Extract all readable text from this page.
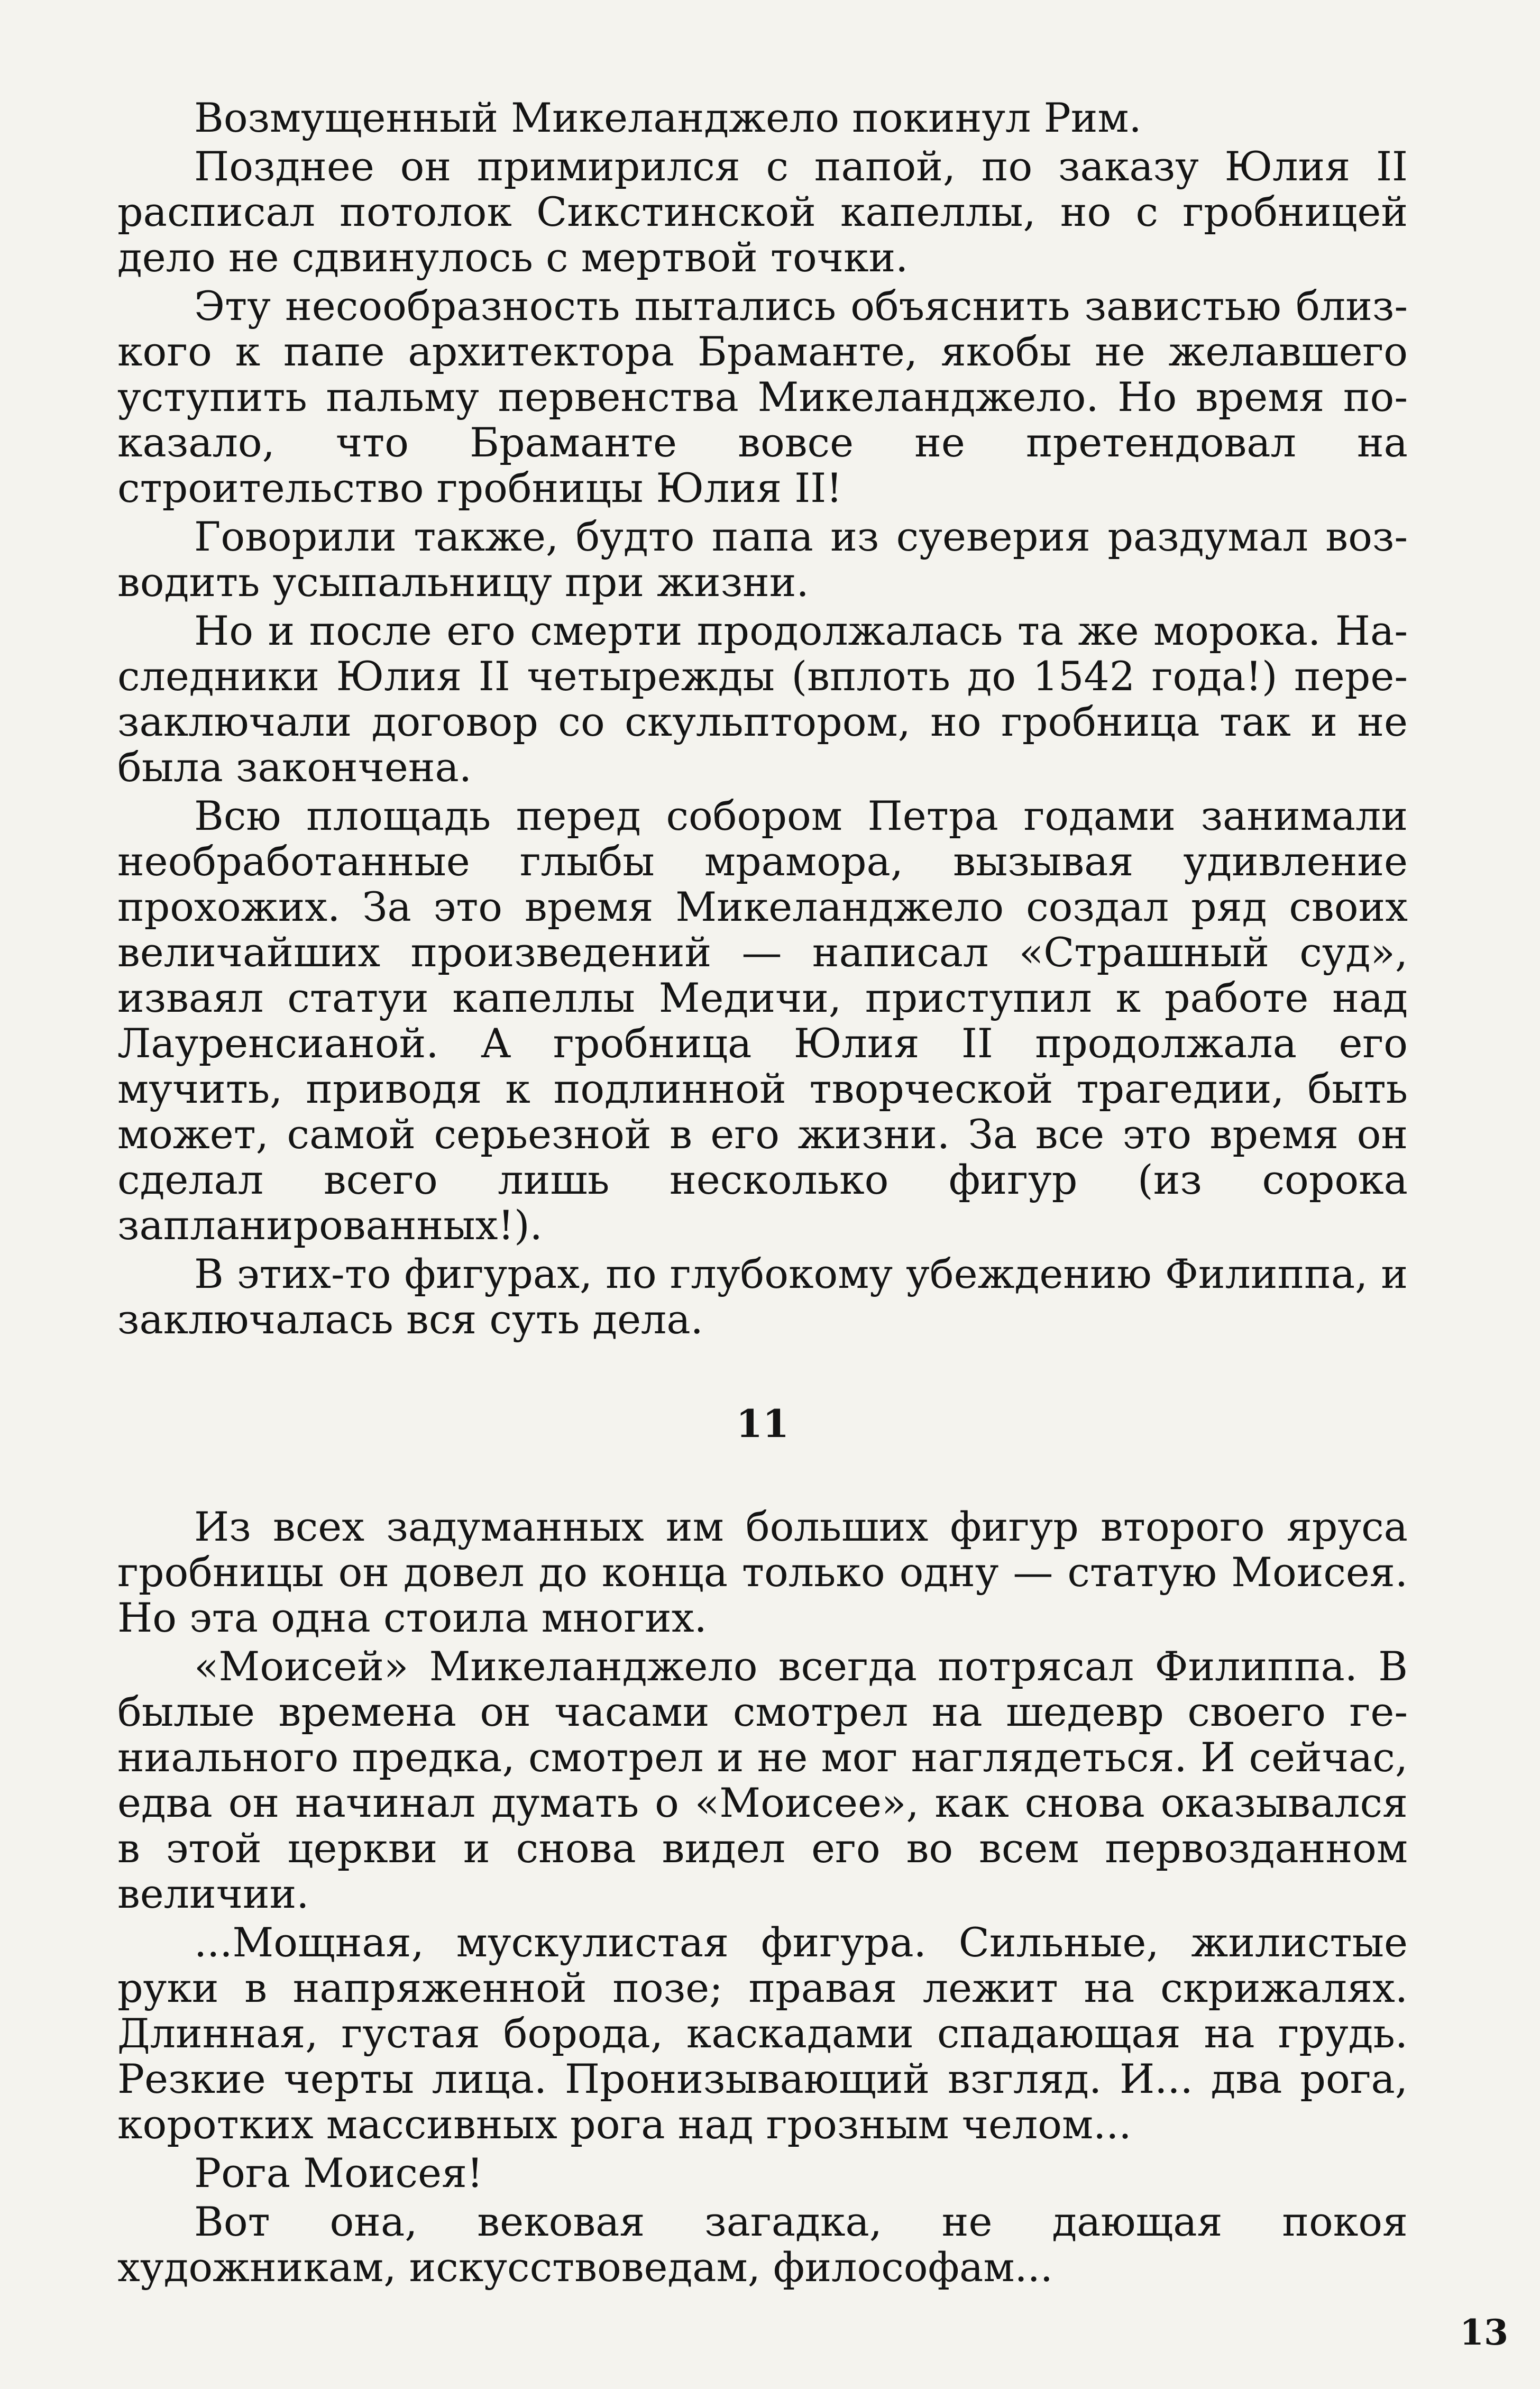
Возмущенный Микеланджело покинул Рим.

Позднее он примирился с папой, по заказу Юлия II расписал потолок Сикстинской капеллы, но с гробницей дело не сдвинулось с мертвой точки.

Эту несообразность пытались объяснить завистью близкого к папе архитектора Браманте, якобы не желавшего уступить пальму первенства Микеланджело. Но время показало, что Браманте вовсе не претендовал на строительство гробницы Юлия II!

Говорили также, будто папа из суеверия раздумал возводить усыпальницу при жизни.

Но и после его смерти продолжалась та же морока. Наследники Юлия II четырежды (вплоть до 1542 года!) перезаключали договор со скульптором, но гробница так и не была закончена.

Всю площадь перед собором Петра годами занимали необработанные глыбы мрамора, вызывая удивление прохожих. За это время Микеланджело создал ряд своих величайших произведений — написал «Страшный суд», изваял статуи капеллы Медичи, приступил к работе над Лауренсианой. А гробница Юлия II продолжала его мучить, приводя к подлинной творческой трагедии, быть может, самой серьезной в его жизни. За все это время он сделал всего лишь несколько фигур (из сорока запланированных!).

В этих-то фигурах, по глубокому убеждению Филиппа, и заключалась вся суть дела.

11

Из всех задуманных им больших фигур второго яруса гробницы он довел до конца только одну — статую Моисея. Но эта одна стоила многих.

«Моисей» Микеланджело всегда потрясал Филиппа. В былые времена он часами смотрел на шедевр своего гениального предка, смотрел и не мог наглядеться. И сейчас, едва он начинал думать о «Моисее», как снова оказывался в этой церкви и снова видел его во всем первозданном величии.

...Мощная, мускулистая фигура. Сильные, жилистые руки в напряженной позе; правая лежит на скрижалях. Длинная, густая борода, каскадами спадающая на грудь. Резкие черты лица. Пронизывающий взгляд. И... два рога, коротких массивных рога над грозным челом...

Рога Моисея!

Вот она, вековая загадка, не дающая покоя художникам, искусствоведам, философам...

13
